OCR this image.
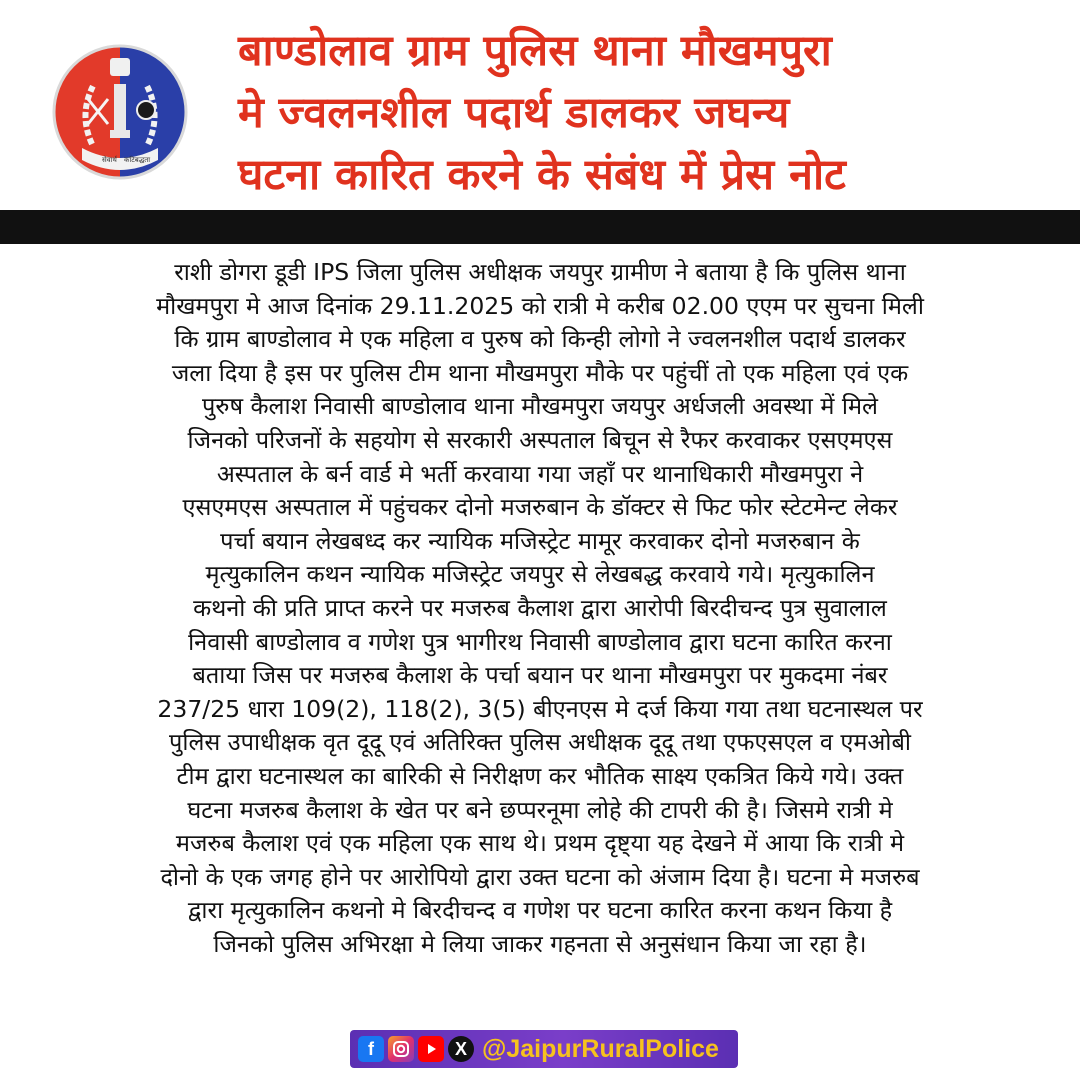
सेवार्थ कटिबद्धता
बाण्डोलाव ग्राम पुलिस थाना मौखमपुरा
मे ज्वलनशील पदार्थ डालकर जघन्य
घटना कारित करने के संबंध में प्रेस नोट
राशी डोगरा डूडी IPS जिला पुलिस अधीक्षक जयपुर ग्रामीण ने बताया है कि पुलिस थाना
मौखमपुरा मे आज दिनांक 29.11.2025 को रात्री मे करीब 02.00 एएम पर सुचना मिली
कि ग्राम बाण्डोलाव मे एक महिला व पुरुष को किन्ही लोगो ने ज्वलनशील पदार्थ डालकर
जला दिया है इस पर पुलिस टीम थाना मौखमपुरा मौके पर पहुंचीं तो एक महिला एवं एक
पुरुष कैलाश निवासी बाण्डोलाव थाना मौखमपुरा जयपुर अर्धजली अवस्था में मिले
जिनको परिजनों के सहयोग से सरकारी अस्पताल बिचून से रैफर करवाकर एसएमएस
अस्पताल के बर्न वार्ड मे भर्ती करवाया गया जहाँ पर थानाधिकारी मौखमपुरा ने
एसएमएस अस्पताल में पहुंचकर दोनो मजरुबान के डॉक्टर से फिट फोर स्टेटमेन्ट लेकर
पर्चा बयान लेखबध्द कर न्यायिक मजिस्ट्रेट मामूर करवाकर दोनो मजरुबान के
मृत्युकालिन कथन न्यायिक मजिस्ट्रेट जयपुर से लेखबद्ध करवाये गये। मृत्युकालिन
कथनो की प्रति प्राप्त करने पर मजरुब कैलाश द्वारा आरोपी बिरदीचन्द पुत्र सुवालाल
निवासी बाण्डोलाव व गणेश पुत्र भागीरथ निवासी बाण्डोलाव द्वारा घटना कारित करना
बताया जिस पर मजरुब कैलाश के पर्चा बयान पर थाना मौखमपुरा पर मुकदमा नंबर
237/25 धारा 109(2), 118(2), 3(5) बीएनएस मे दर्ज किया गया तथा घटनास्थल पर
पुलिस उपाधीक्षक वृत दूदू एवं अतिरिक्त पुलिस अधीक्षक दूदू तथा एफएसएल व एमओबी
टीम द्वारा घटनास्थल का बारिकी से निरीक्षण कर भौतिक साक्ष्य एकत्रित किये गये। उक्त
घटना मजरुब कैलाश के खेत पर बने छप्परनूमा लोहे की टापरी की है। जिसमे रात्री मे
मजरुब कैलाश एवं एक महिला एक साथ थे। प्रथम दृष्ट्या यह देखने में आया कि रात्री मे
दोनो के एक जगह होने पर आरोपियो द्वारा उक्त घटना को अंजाम दिया है। घटना मे मजरुब
द्वारा मृत्युकालिन कथनो मे बिरदीचन्द व गणेश पर घटना कारित करना कथन किया है
जिनको पुलिस अभिरक्षा मे लिया जाकर गहनता से अनुसंधान किया जा रहा है।
f	X @JaipurRuralPolice
